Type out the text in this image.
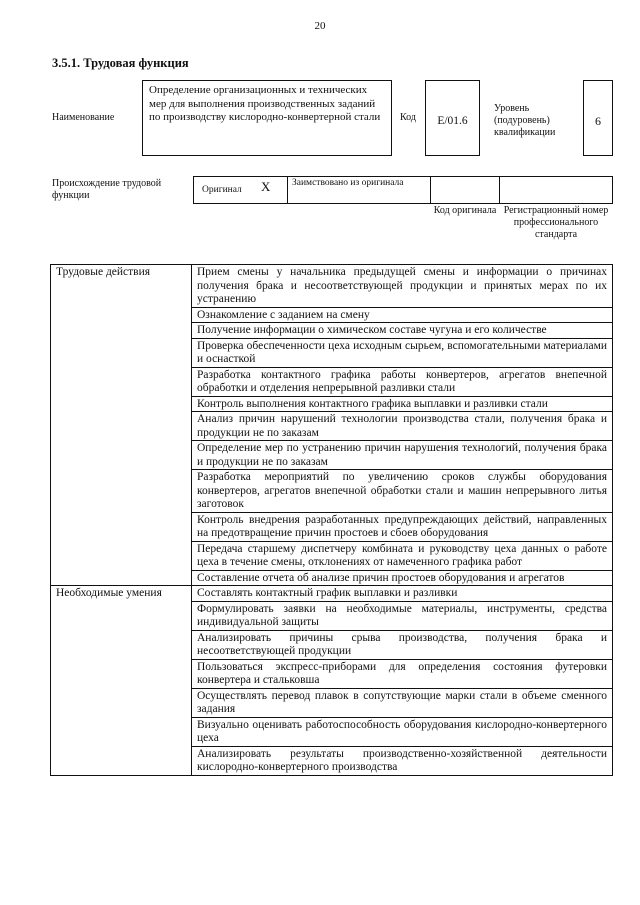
20
3.5.1. Трудовая функция
Наименование
Определение организационных и технических мер для выполнения производственных заданий по производству кислородно-конвертерной стали	Код	E/01.6
Уровень (подуровень) квалификации
6
Происхождение трудовой функции	Оригинал X	Заимствовано из оригинала
Код оригинала Регистрационный номер профессионального стандарта
Трудовые действия	Прием смены у начальника предыдущей смены и информации о причинах получения брака и несоответствующей продукции и принятых мерах по их устранению
	Ознакомление с заданием на смену
	Получение информации о химическом составе чугуна и его количестве
	Проверка обеспеченности цеха исходным сырьем, вспомогательными материалами и оснасткой
	Разработка контактного графика работы конвертеров, агрегатов внепечной обработки и отделения непрерывной разливки стали
	Контроль выполнения контактного графика выплавки и разливки стали
	Анализ причин нарушений технологии производства стали, получения брака и продукции не по заказам
	Определение мер по устранению причин нарушения технологий, получения брака и продукции не по заказам
	Разработка мероприятий по увеличению сроков службы оборудования конвертеров, агрегатов внепечной обработки стали и машин непрерывного литья заготовок
	Контроль внедрения разработанных предупреждающих действий, направленных на предотвращение причин простоев и сбоев оборудования
	Передача старшему диспетчеру комбината и руководству цеха данных о работе цеха в течение смены, отклонениях от намеченного графика работ
	Составление отчета об анализе причин простоев оборудования и агрегатов
Необходимые умения	Составлять контактный график выплавки и разливки
	Формулировать заявки на необходимые материалы, инструменты, средства индивидуальной защиты
	Анализировать причины срыва производства, получения брака и несоответствующей продукции
	Пользоваться экспресс-приборами для определения состояния футеровки конвертера и стальковша
	Осуществлять перевод плавок в сопутствующие марки стали в объеме сменного задания
	Визуально оценивать работоспособность оборудования кислородно-конвертерного цеха
	Анализировать результаты производственно-хозяйственной деятельности кислородно-конвертерного производства
